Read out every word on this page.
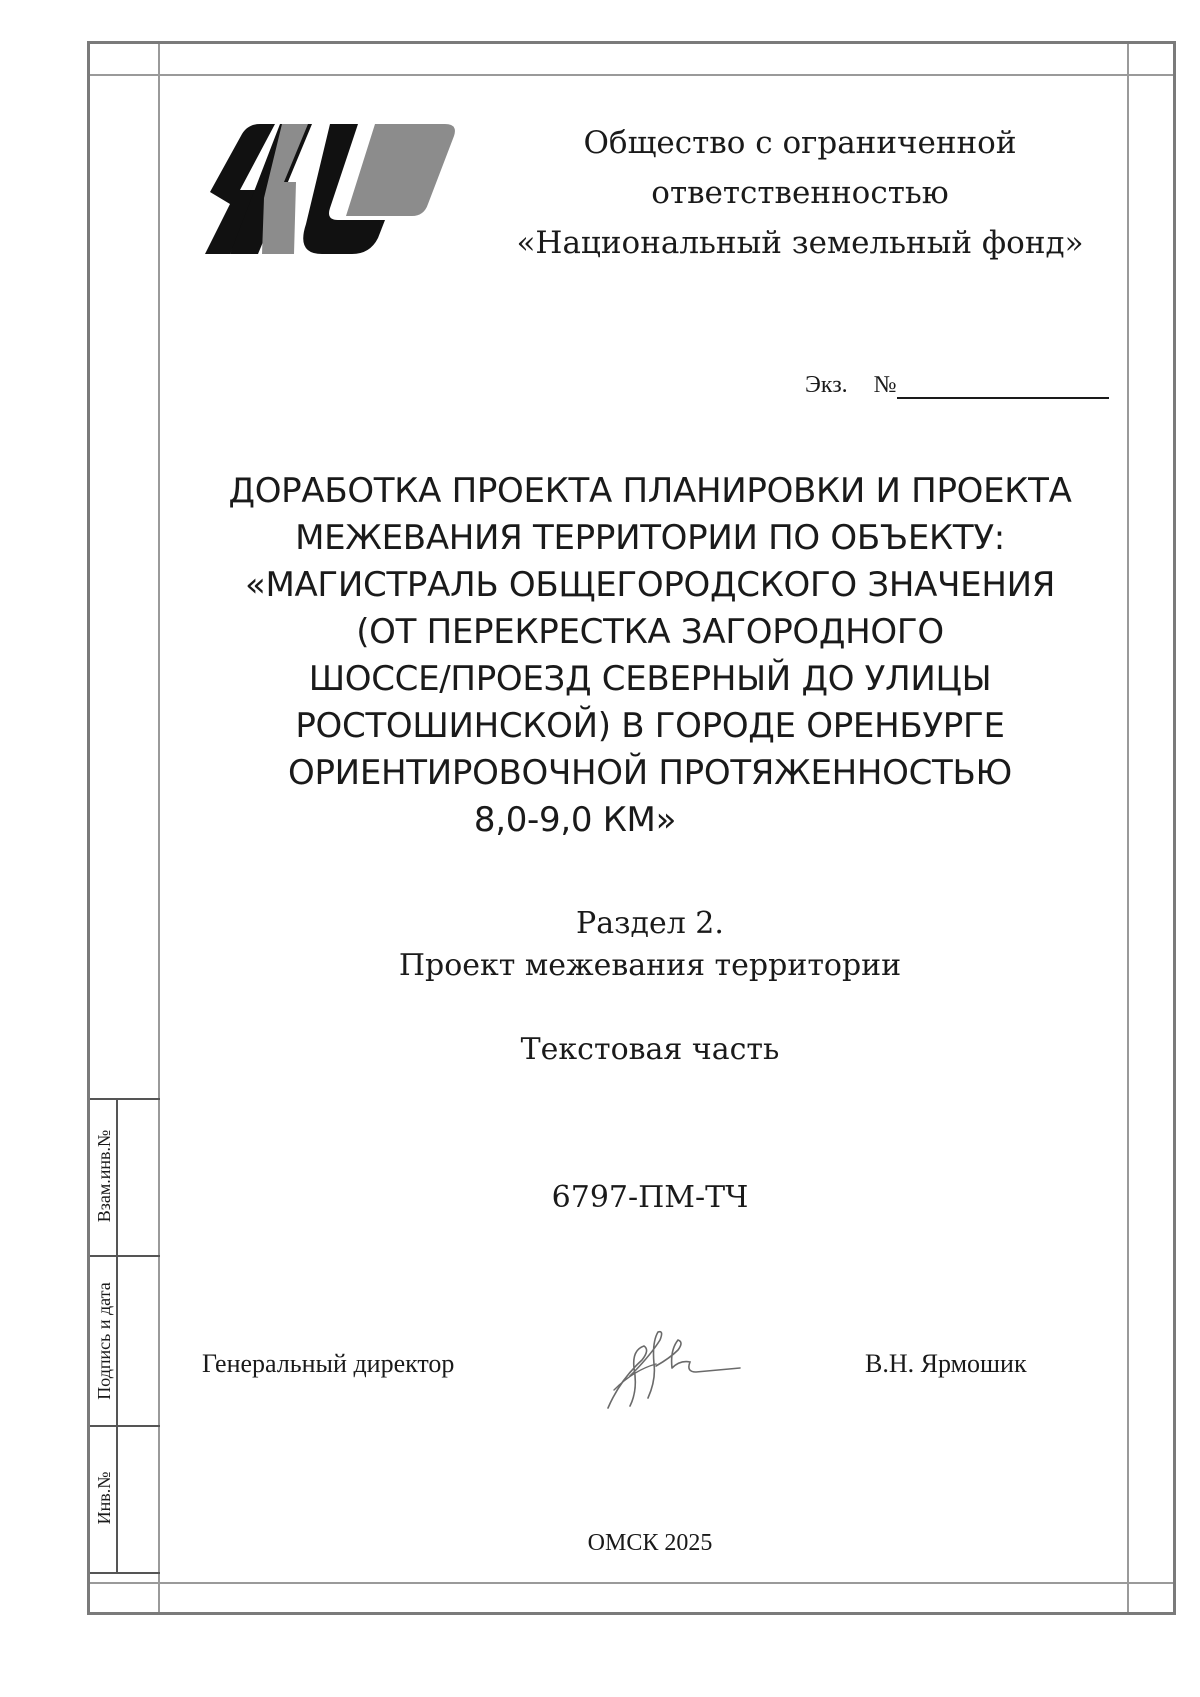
Взам.инв.№
Подпись и дата
Инв.№
Общество с ограниченной
ответственностью
«Национальный земельный фонд»
Экз. №
ДОРАБОТКА ПРОЕКТА ПЛАНИРОВКИ И ПРОЕКТА
МЕЖЕВАНИЯ ТЕРРИТОРИИ ПО ОБЪЕКТУ:
«МАГИСТРАЛЬ ОБЩЕГОРОДСКОГО ЗНАЧЕНИЯ
(ОТ ПЕРЕКРЕСТКА ЗАГОРОДНОГО
ШОССЕ/ПРОЕЗД СЕВЕРНЫЙ ДО УЛИЦЫ
РОСТОШИНСКОЙ) В ГОРОДЕ ОРЕНБУРГЕ
ОРИЕНТИРОВОЧНОЙ ПРОТЯЖЕННОСТЬЮ
8,0-9,0 КМ»
Раздел 2.
Проект межевания территории
Текстовая часть
6797-ПМ-ТЧ
Генеральный директор	В.Н. Ярмошик
ОМСК 2025
